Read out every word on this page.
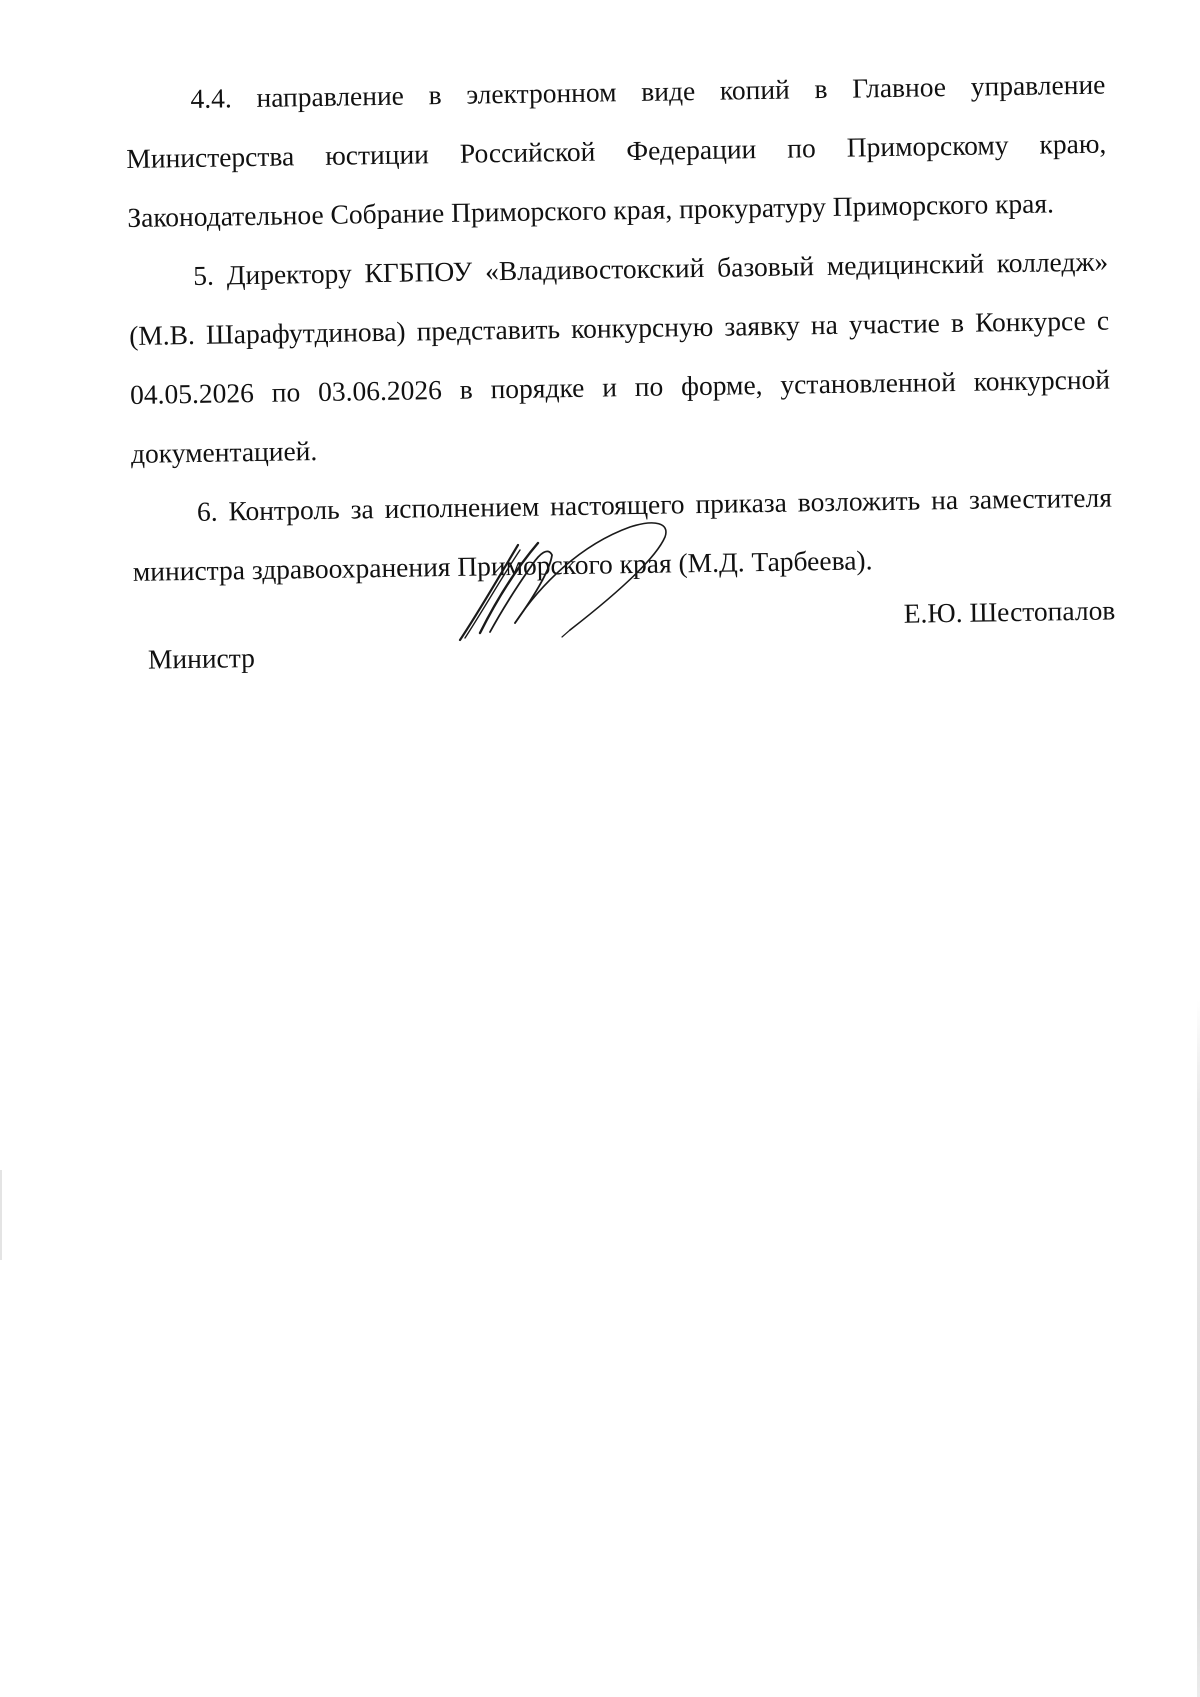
4.4. направление в электронном виде копий в Главное управление Министерства юстиции Российской Федерации по Приморскому краю, Законодательное Собрание Приморского края, прокуратуру Приморского края.

5. Директору КГБПОУ «Владивостокский базовый медицинский колледж» (М.В. Шарафутдинова) представить конкурсную заявку на участие в Конкурсе с 04.05.2026 по 03.06.2026 в порядке и по форме, установленной конкурсной документацией.

6. Контроль за исполнением настоящего приказа возложить на заместителя министра здравоохранения Приморского края (М.Д. Тарбеева).

Министр
Е.Ю. Шестопалов
